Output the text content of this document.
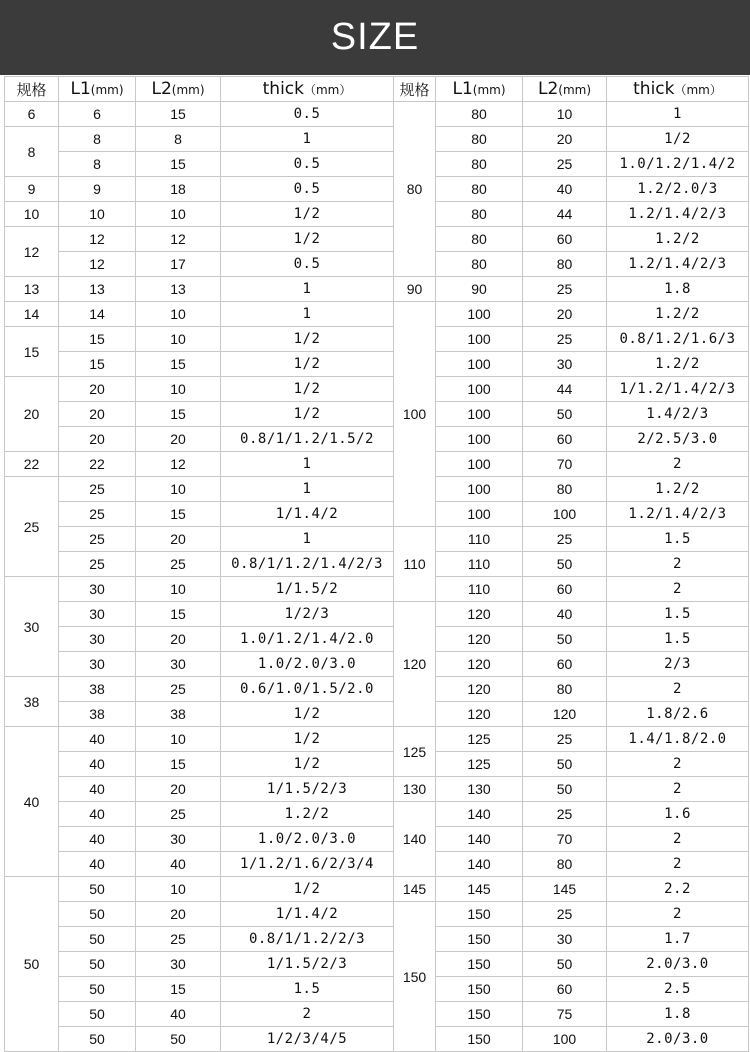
SIZE
规格	L1(mm)	L2(mm)	thick（mm）	规格	L1(mm)	L2(mm)	thick（mm）
6	6	15	0.5	80	80	10	1
8	8	8	1		80	20	1/2
	8	15	0.5		80	25	1.0/1.2/1.4/2
9	9	18	0.5		80	40	1.2/2.0/3
10	10	10	1/2		80	44	1.2/1.4/2/3
12	12	12	1/2		80	60	1.2/2
	12	17	0.5		80	80	1.2/1.4/2/3
13	13	13	1	90	90	25	1.8
14	14	10	1	100	100	20	1.2/2
15	15	10	1/2		100	25	0.8/1.2/1.6/3
	15	15	1/2		100	30	1.2/2
20	20	10	1/2		100	44	1/1.2/1.4/2/3
	20	15	1/2		100	50	1.4/2/3
	20	20	0.8/1/1.2/1.5/2		100	60	2/2.5/3.0
22	22	12	1		100	70	2
25	25	10	1		100	80	1.2/2
	25	15	1/1.4/2		100	100	1.2/1.4/2/3
	25	20	1	110	110	25	1.5
	25	25	0.8/1/1.2/1.4/2/3		110	50	2
30	30	10	1/1.5/2		110	60	2
	30	15	1/2/3	120	120	40	1.5
	30	20	1.0/1.2/1.4/2.0		120	50	1.5
	30	30	1.0/2.0/3.0		120	60	2/3
38	38	25	0.6/1.0/1.5/2.0		120	80	2
	38	38	1/2		120	120	1.8/2.6
40	40	10	1/2	125	125	25	1.4/1.8/2.0
	40	15	1/2		125	50	2
	40	20	1/1.5/2/3	130	130	50	2
	40	25	1.2/2	140	140	25	1.6
	40	30	1.0/2.0/3.0		140	70	2
	40	40	1/1.2/1.6/2/3/4		140	80	2
50	50	10	1/2	145	145	145	2.2
	50	20	1/1.4/2	150	150	25	2
	50	25	0.8/1/1.2/2/3		150	30	1.7
	50	30	1/1.5/2/3		150	50	2.0/3.0
	50	15	1.5		150	60	2.5
	50	40	2		150	75	1.8
	50	50	1/2/3/4/5		150	100	2.0/3.0
